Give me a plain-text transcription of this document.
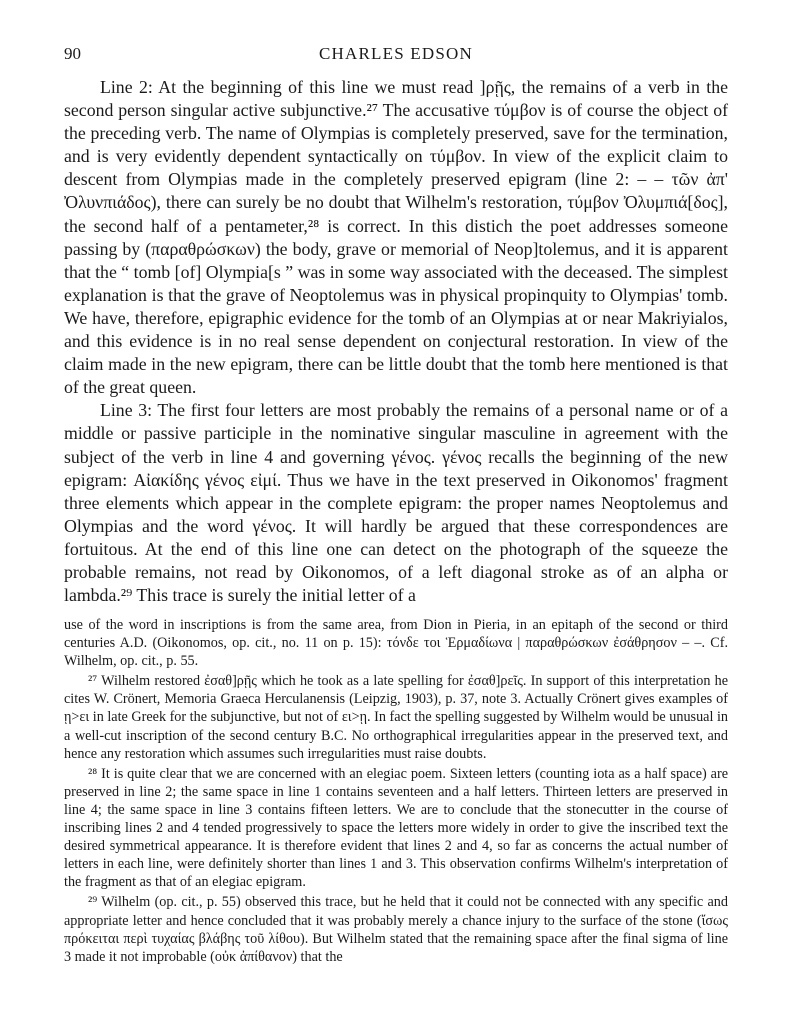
90	CHARLES EDSON

Line 2: At the beginning of this line we must read ]ρῇς, the remains of a verb in the second person singular active subjunctive.²⁷ The accusative τύμβον is of course the object of the preceding verb. The name of Olympias is completely preserved, save for the termination, and is very evidently dependent syntactically on τύμβον. In view of the explicit claim to descent from Olympias made in the completely preserved epigram (line 2: – – τῶν ἀπ' Ὀλυνπιάδος), there can surely be no doubt that Wilhelm's restoration, τύμβον Ὀλυμπιά[δος], the second half of a pentameter,²⁸ is correct. In this distich the poet addresses someone passing by (παραθρώσκων) the body, grave or memorial of Neop]tolemus, and it is apparent that the “ tomb [of] Olympia[s ” was in some way associated with the deceased. The simplest explanation is that the grave of Neoptolemus was in physical propinquity to Olympias' tomb. We have, therefore, epigraphic evidence for the tomb of an Olympias at or near Makriyialos, and this evidence is in no real sense dependent on conjectural restoration. In view of the claim made in the new epigram, there can be little doubt that the tomb here mentioned is that of the great queen.

Line 3: The first four letters are most probably the remains of a personal name or of a middle or passive participle in the nominative singular masculine in agreement with the subject of the verb in line 4 and governing γένος. γένος recalls the beginning of the new epigram: Αἰακίδης γένος εἰμί. Thus we have in the text preserved in Oikonomos' fragment three elements which appear in the complete epigram: the proper names Neoptolemus and Olympias and the word γένος. It will hardly be argued that these correspondences are fortuitous. At the end of this line one can detect on the photograph of the squeeze the probable remains, not read by Oikonomos, of a left diagonal stroke as of an alpha or lambda.²⁹ This trace is surely the initial letter of a

use of the word in inscriptions is from the same area, from Dion in Pieria, in an epitaph of the second or third centuries A.D. (Oikonomos, op. cit., no. 11 on p. 15): τόνδε τοι Ἑρμαδίωνα | παραθρώσκων ἐσάθρησον – –. Cf. Wilhelm, op. cit., p. 55.

²⁷ Wilhelm restored ἐσαθ]ρῇς which he took as a late spelling for ἐσαθ]ρεῖς. In support of this interpretation he cites W. Crönert, Memoria Graeca Herculanensis (Leipzig, 1903), p. 37, note 3. Actually Crönert gives examples of ῃ>ει in late Greek for the subjunctive, but not of ει>ῃ. In fact the spelling suggested by Wilhelm would be unusual in a well-cut inscription of the second century B.C. No orthographical irregularities appear in the preserved text, and hence any restoration which assumes such irregularities must raise doubts.

²⁸ It is quite clear that we are concerned with an elegiac poem. Sixteen letters (counting iota as a half space) are preserved in line 2; the same space in line 1 contains seventeen and a half letters. Thirteen letters are preserved in line 4; the same space in line 3 contains fifteen letters. We are to conclude that the stonecutter in the course of inscribing lines 2 and 4 tended progressively to space the letters more widely in order to give the inscribed text the desired symmetrical appearance. It is therefore evident that lines 2 and 4, so far as concerns the actual number of letters in each line, were definitely shorter than lines 1 and 3. This observation confirms Wilhelm's interpretation of the fragment as that of an elegiac epigram.

²⁹ Wilhelm (op. cit., p. 55) observed this trace, but he held that it could not be connected with any specific and appropriate letter and hence concluded that it was probably merely a chance injury to the surface of the stone (ἴσως πρόκειται περὶ τυχαίας βλάβης τοῦ λίθου). But Wilhelm stated that the remaining space after the final sigma of line 3 made it not improbable (οὐκ ἀπίθανον) that the
